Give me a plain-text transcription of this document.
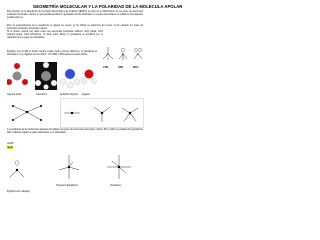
GEOMETRÍA MOLECULAR Y LA POLARIDAD DE LA MOLECULA APOLAR
Este modelo de la Repulsión de los Pares Electrónicos de Valencia (RPEV) se basa en la distribución de los pares de electrones alrededor del átomo central, lo que permite predecir la geometría de las moléculas. Los pares electrónicos se sitúan lo más alejados posible entre sí.
Para la representación de la geometría se siguen los pasos: 1) Se dibuja la estructura de Lewis. 2) Se cuentan los pares de electrones alrededor del átomo central.
Si el átomo central (A) tiene todos sus electrones formando enlaces: AX2 lineal, AX3 trigonal plana, AX4 tetraédrica. Si tiene pares libres, la geometría se modifica por la repulsión de los pares no enlazantes.
Ejemplo: en el CH4 el átomo central forma cuatro enlaces idénticos, la geometría es tetraédrica y los ángulos son de 109,5°. En NH3 y H2O aparecen pares libres.	C	N	O
CH4	NH3	H2O
trigonal plana	tetraédrica	pirámide trigonal angular
La geometría de las moléculas depende del número de pares de electrones del átomo central. En la tabla se resumen las geometrías más comunes según los pares enlazantes y no enlazantes.
AX2E
lineal
Trigonal bipiramidal	Octaédrica
Ejemplo en la imagen
